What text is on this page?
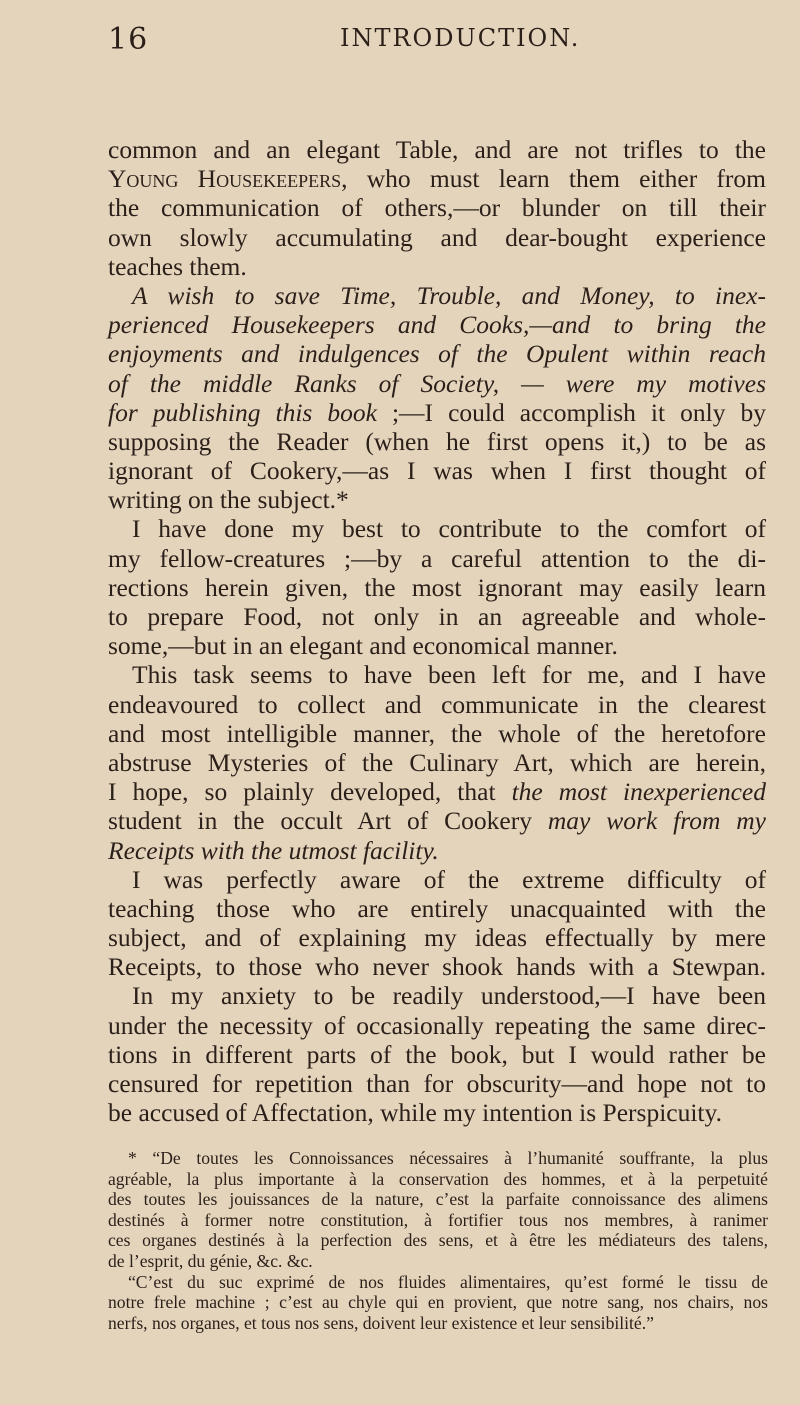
16	INTRODUCTION.
common and an elegant Table, and are not trifles to the
Young Housekeepers, who must learn them either from
the communication of others,—or blunder on till their
own slowly accumulating and dear-bought experience
teaches them.
A wish to save Time, Trouble, and Money, to inex-
perienced Housekeepers and Cooks,—and to bring the
enjoyments and indulgences of the Opulent within reach
of the middle Ranks of Society, — were my motives
for publishing this book ;—I could accomplish it only by
supposing the Reader (when he first opens it,) to be as
ignorant of Cookery,—as I was when I first thought of
writing on the subject.*
I have done my best to contribute to the comfort of
my fellow-creatures ;—by a careful attention to the di-
rections herein given, the most ignorant may easily learn
to prepare Food, not only in an agreeable and whole-
some,—but in an elegant and economical manner.
This task seems to have been left for me, and I have
endeavoured to collect and communicate in the clearest
and most intelligible manner, the whole of the heretofore
abstruse Mysteries of the Culinary Art, which are herein,
I hope, so plainly developed, that the most inexperienced
student in the occult Art of Cookery may work from my
Receipts with the utmost facility.
I was perfectly aware of the extreme difficulty of
teaching those who are entirely unacquainted with the
subject, and of explaining my ideas effectually by mere
Receipts, to those who never shook hands with a Stewpan.
In my anxiety to be readily understood,—I have been
under the necessity of occasionally repeating the same direc-
tions in different parts of the book, but I would rather be
censured for repetition than for obscurity—and hope not to
be accused of Affectation, while my intention is Perspicuity.
* “De toutes les Connoissances nécessaires à l’humanité souffrante, la plus
agréable, la plus importante à la conservation des hommes, et à la perpetuité
des toutes les jouissances de la nature, c’est la parfaite connoissance des alimens
destinés à former notre constitution, à fortifier tous nos membres, à ranimer
ces organes destinés à la perfection des sens, et à être les médiateurs des talens,
de l’esprit, du génie, &c. &c.
“C’est du suc exprimé de nos fluides alimentaires, qu’est formé le tissu de
notre frele machine ; c’est au chyle qui en provient, que notre sang, nos chairs, nos
nerfs, nos organes, et tous nos sens, doivent leur existence et leur sensibilité.”
